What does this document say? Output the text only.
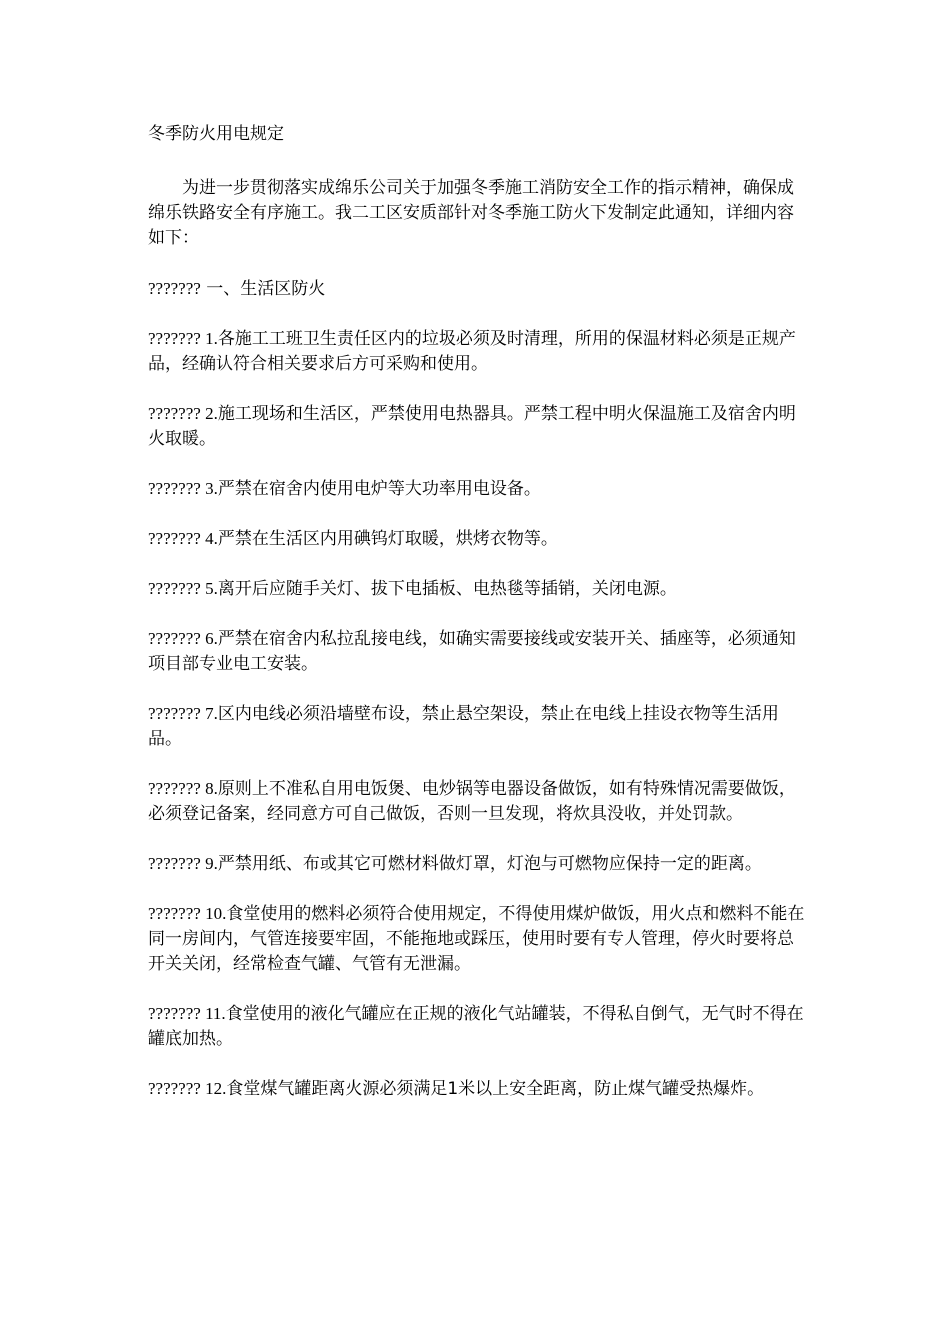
冬季防火用电规定

为进一步贯彻落实成绵乐公司关于加强冬季施工消防安全工作的指示精神，确保成绵乐铁路安全有序施工。我二工区安质部针对冬季施工防火下发制定此通知，详细内容如下：

??????? 一、生活区防火

??????? 1.各施工工班卫生责任区内的垃圾必须及时清理，所用的保温材料必须是正规产品，经确认符合相关要求后方可采购和使用。

??????? 2.施工现场和生活区，严禁使用电热器具。严禁工程中明火保温施工及宿舍内明火取暖。

??????? 3.严禁在宿舍内使用电炉等大功率用电设备。

??????? 4.严禁在生活区内用碘钨灯取暖，烘烤衣物等。

??????? 5.离开后应随手关灯、拔下电插板、电热毯等插销，关闭电源。

??????? 6.严禁在宿舍内私拉乱接电线，如确实需要接线或安装开关、插座等，必须通知项目部专业电工安装。

??????? 7.区内电线必须沿墙壁布设，禁止悬空架设，禁止在电线上挂设衣物等生活用品。

??????? 8.原则上不准私自用电饭煲、电炒锅等电器设备做饭，如有特殊情况需要做饭，必须登记备案，经同意方可自己做饭，否则一旦发现，将炊具没收，并处罚款。

??????? 9.严禁用纸、布或其它可燃材料做灯罩，灯泡与可燃物应保持一定的距离。

??????? 10.食堂使用的燃料必须符合使用规定，不得使用煤炉做饭，用火点和燃料不能在同一房间内，气管连接要牢固，不能拖地或踩压，使用时要有专人管理，停火时要将总开关关闭，经常检查气罐、气管有无泄漏。

??????? 11.食堂使用的液化气罐应在正规的液化气站罐装，不得私自倒气，无气时不得在罐底加热。

??????? 12.食堂煤气罐距离火源必须满足1米以上安全距离，防止煤气罐受热爆炸。
